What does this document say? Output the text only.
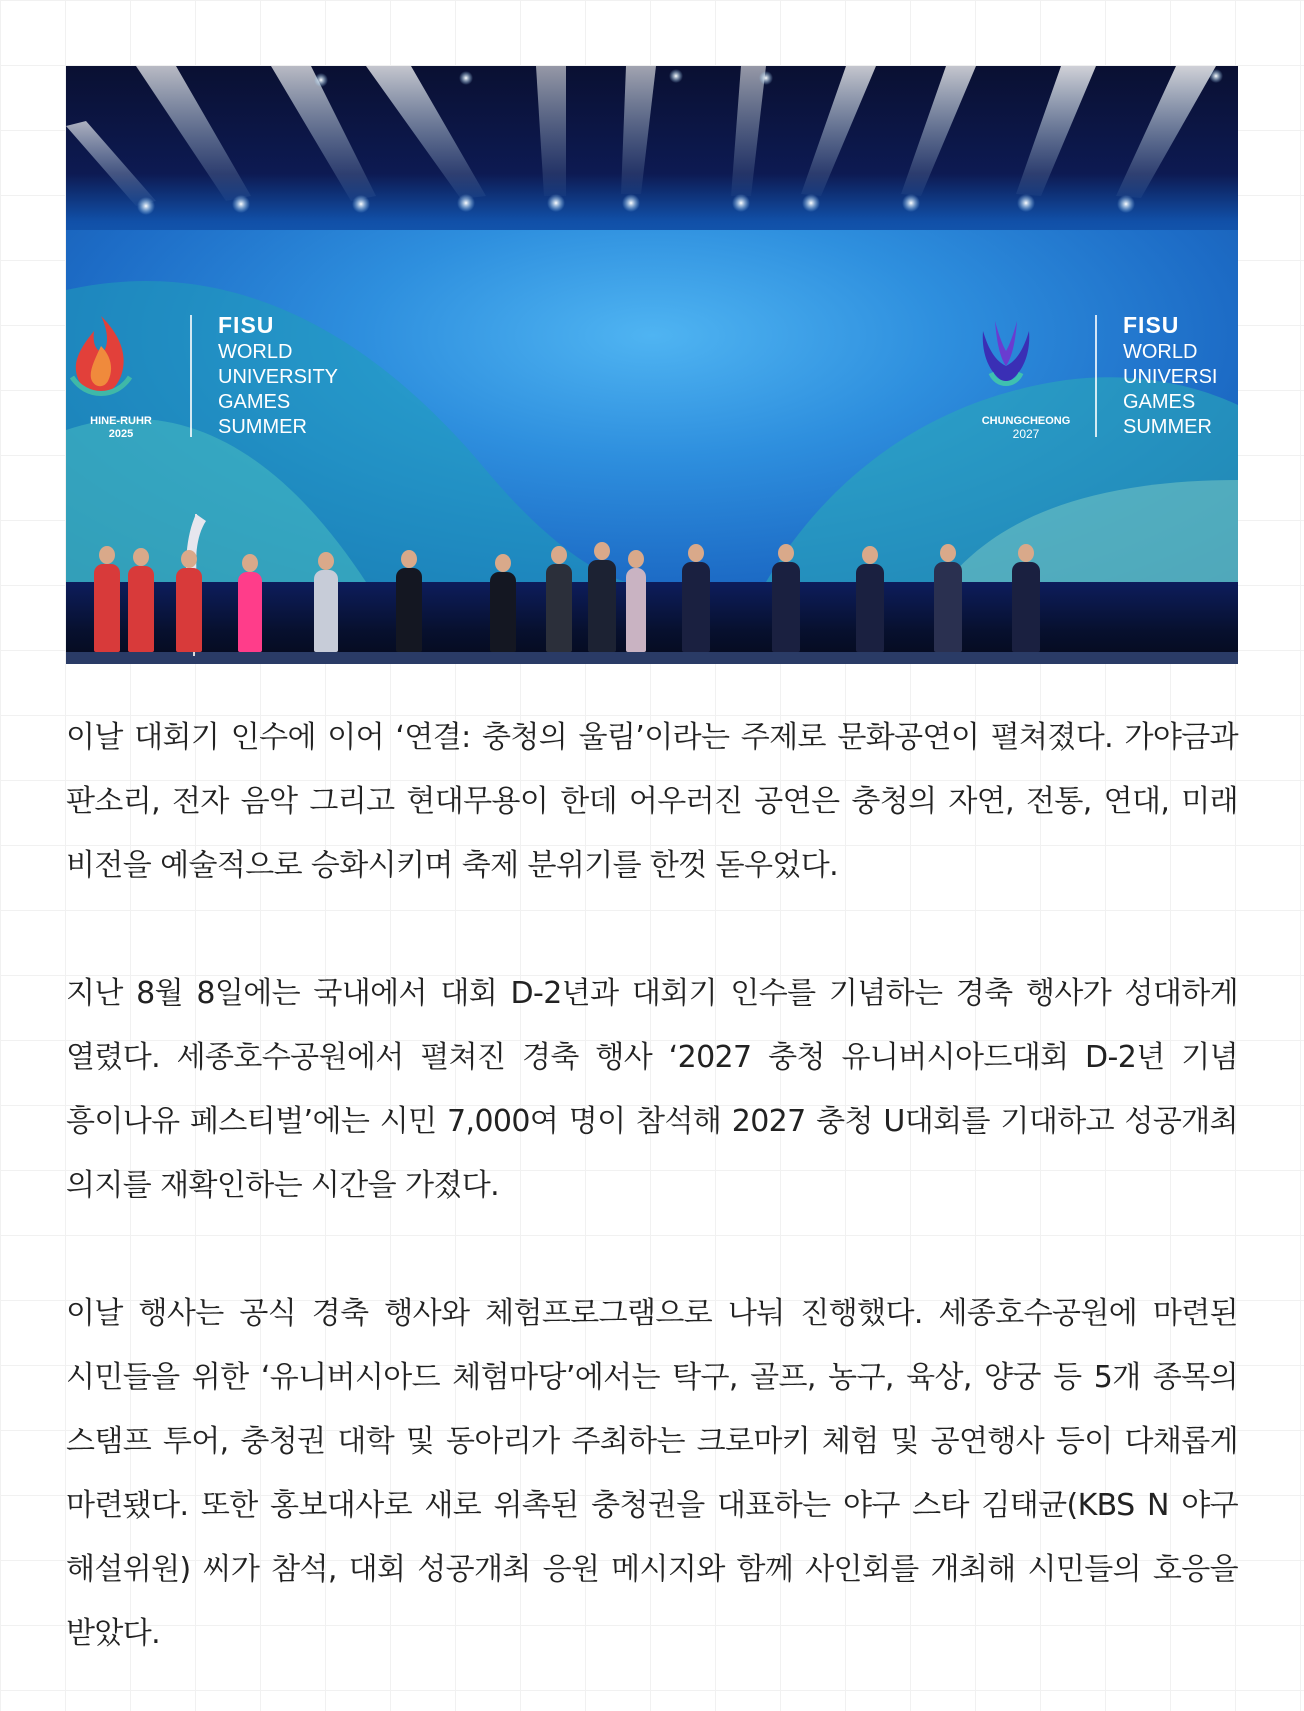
HINE-RUHR
2025
FISU
WORLD
UNIVERSITY
GAMES
SUMMER	CHUNGCHEONG
2027
FISU
WORLD
UNIVERSI
GAMES
SUMMER

이날 대회기 인수에 이어 ‘연결: 충청의 울림’이라는 주제로 문화공연이 펼쳐졌다. 가야금과 판소리, 전자 음악 그리고 현대무용이 한데 어우러진 공연은 충청의 자연, 전통, 연대, 미래 비전을 예술적으로 승화시키며 축제 분위기를 한껏 돋우었다.

지난 8월 8일에는 국내에서 대회 D-2년과 대회기 인수를 기념하는 경축 행사가 성대하게 열렸다. 세종호수공원에서 펼쳐진 경축 행사 ‘2027 충청 유니버시아드대회 D-2년 기념 흥이나유 페스티벌’에는 시민 7,000여 명이 참석해 2027 충청 U대회를 기대하고 성공개최 의지를 재확인하는 시간을 가졌다.

이날 행사는 공식 경축 행사와 체험프로그램으로 나눠 진행했다. 세종호수공원에 마련된 시민들을 위한 ‘유니버시아드 체험마당’에서는 탁구, 골프, 농구, 육상, 양궁 등 5개 종목의 스탬프 투어, 충청권 대학 및 동아리가 주최하는 크로마키 체험 및 공연행사 등이 다채롭게 마련됐다. 또한 홍보대사로 새로 위촉된 충청권을 대표하는 야구 스타 김태균(KBS N 야구 해설위원) 씨가 참석, 대회 성공개최 응원 메시지와 함께 사인회를 개최해 시민들의 호응을 받았다.
